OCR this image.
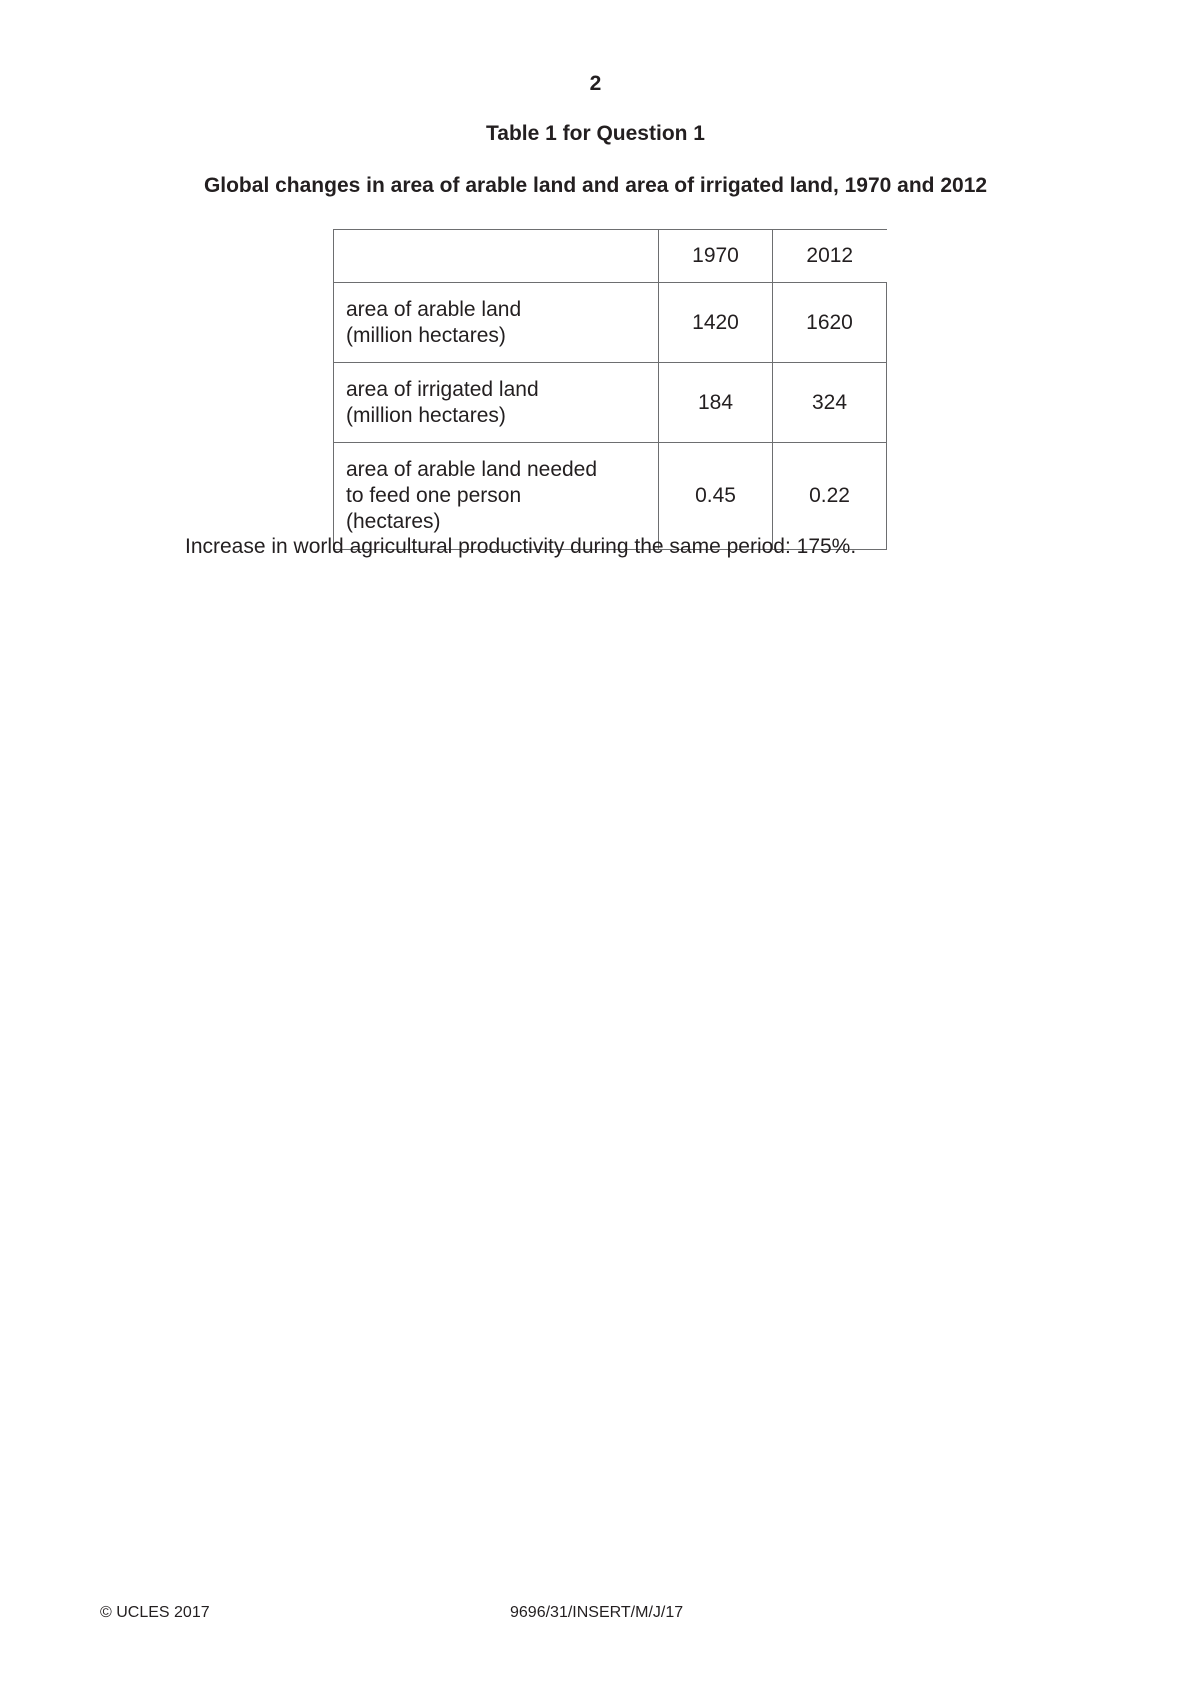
2
Table 1 for Question 1
Global changes in area of arable land and area of irrigated land, 1970 and 2012
	1970	2012

area of arable land
(million hectares)	1420	1620

area of irrigated land
(million hectares)	184	324

area of arable land needed
to feed one person
(hectares)	0.45	0.22
Increase in world agricultural productivity during the same period: 175%.
© UCLES 2017	9696/31/INSERT/M/J/17
